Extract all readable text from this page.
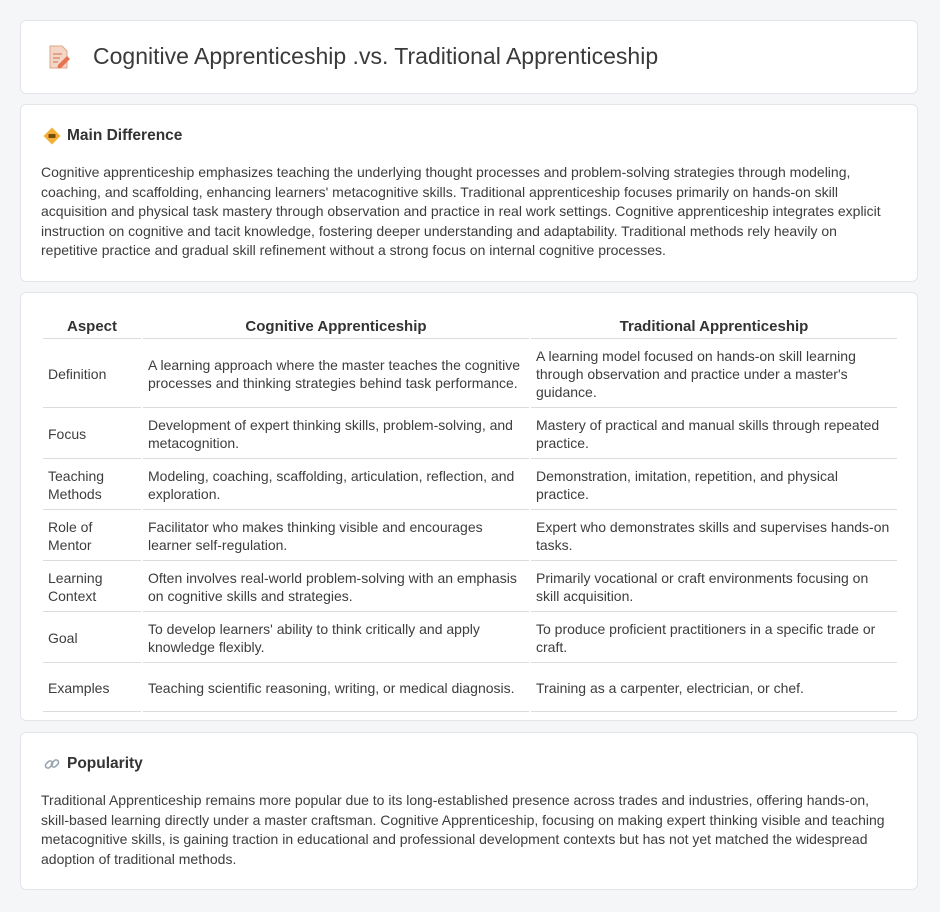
Cognitive Apprenticeship .vs. Traditional Apprenticeship
Main Difference

Cognitive apprenticeship emphasizes teaching the underlying thought processes and problem-solving strategies through modeling, coaching, and scaffolding, enhancing learners' metacognitive skills. Traditional apprenticeship focuses primarily on hands-on skill acquisition and physical task mastery through observation and practice in real work settings. Cognitive apprenticeship integrates explicit instruction on cognitive and tacit knowledge, fostering deeper understanding and adaptability. Traditional methods rely heavily on repetitive practice and gradual skill refinement without a strong focus on internal cognitive processes.

Aspect	Cognitive Apprenticeship	Traditional Apprenticeship
Definition	A learning approach where the master teaches the cognitive processes and thinking strategies behind task performance.	A learning model focused on hands-on skill learning through observation and practice under a master's guidance.
Focus	Development of expert thinking skills, problem-solving, and metacognition.	Mastery of practical and manual skills through repeated practice.
Teaching Methods	Modeling, coaching, scaffolding, articulation, reflection, and exploration.	Demonstration, imitation, repetition, and physical practice.
Role of Mentor	Facilitator who makes thinking visible and encourages learner self-regulation.	Expert who demonstrates skills and supervises hands-on tasks.
Learning Context	Often involves real-world problem-solving with an emphasis on cognitive skills and strategies.	Primarily vocational or craft environments focusing on skill acquisition.
Goal	To develop learners' ability to think critically and apply knowledge flexibly.	To produce proficient practitioners in a specific trade or craft.
Examples	Teaching scientific reasoning, writing, or medical diagnosis.	Training as a carpenter, electrician, or chef.
Popularity

Traditional Apprenticeship remains more popular due to its long-established presence across trades and industries, offering hands-on, skill-based learning directly under a master craftsman. Cognitive Apprenticeship, focusing on making expert thinking visible and teaching metacognitive skills, is gaining traction in educational and professional development contexts but has not yet matched the widespread adoption of traditional methods.
